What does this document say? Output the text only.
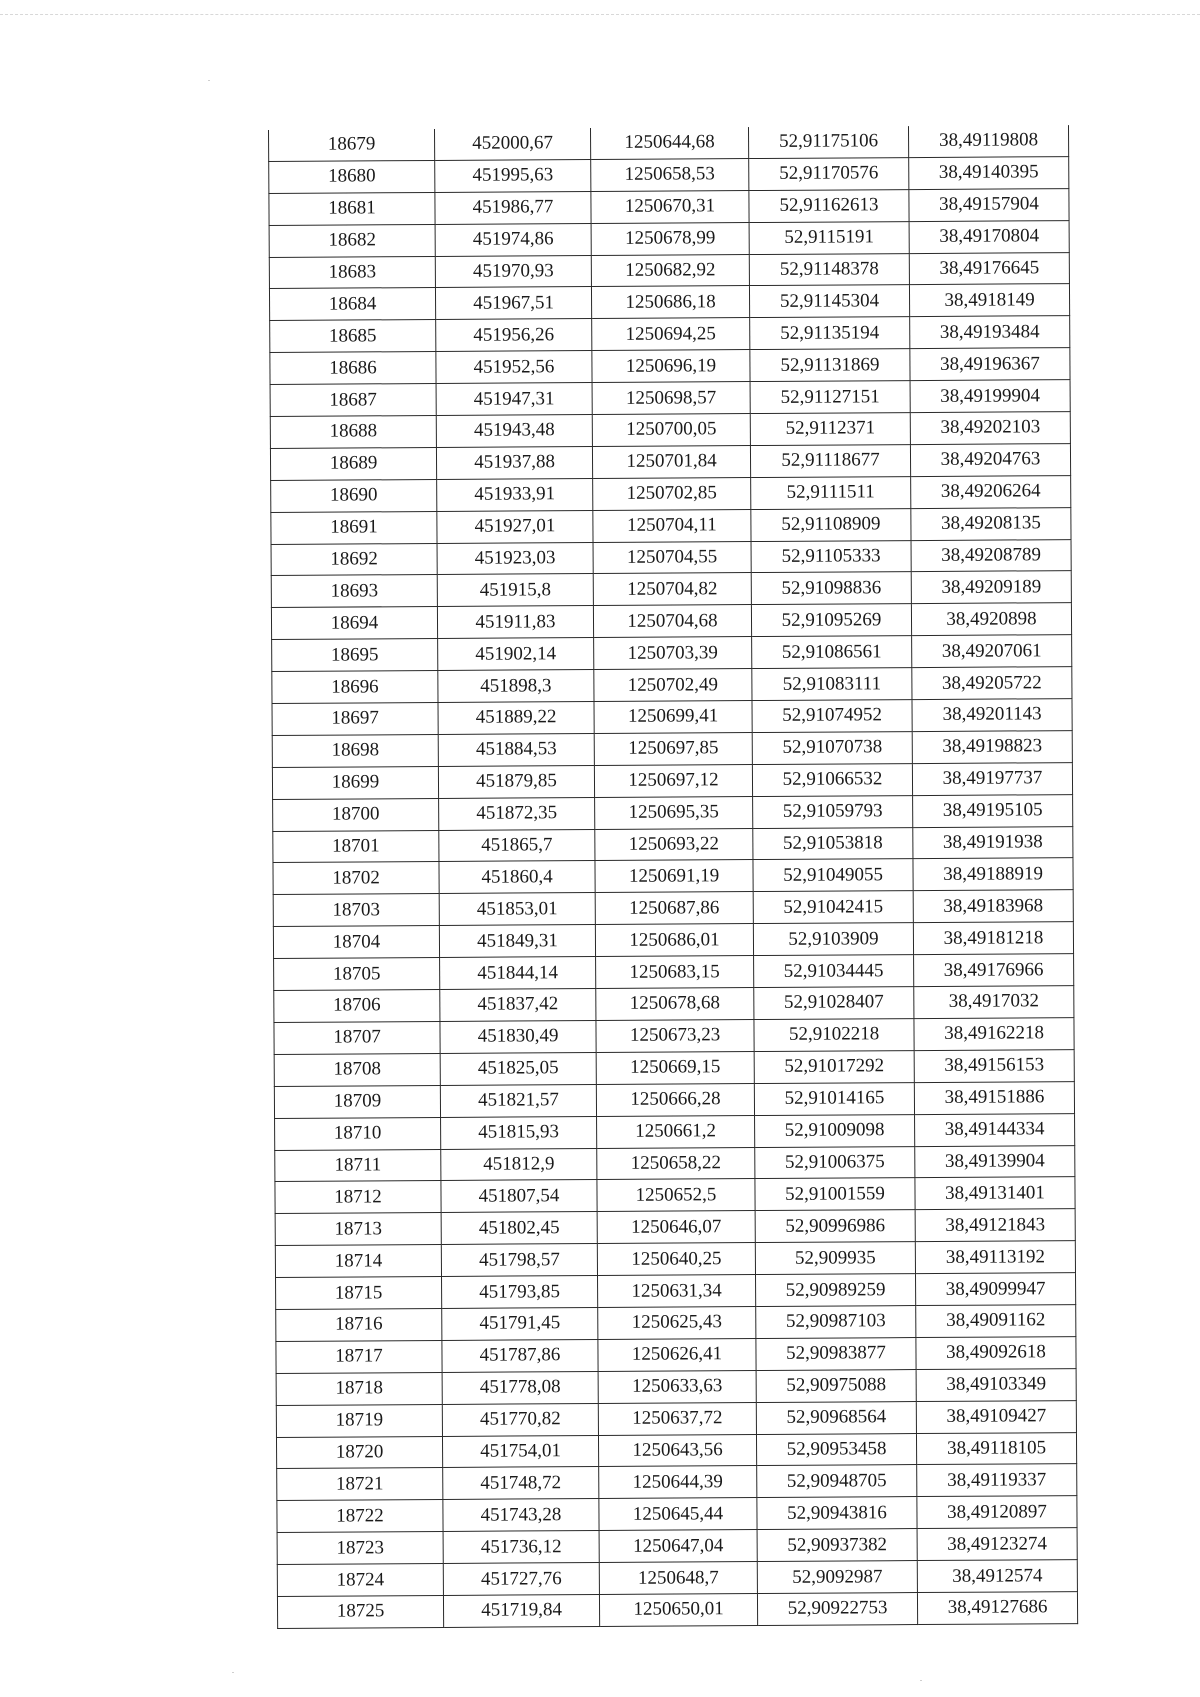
18679	452000,67	1250644,68	52,91175106	38,49119808
18680	451995,63	1250658,53	52,91170576	38,49140395
18681	451986,77	1250670,31	52,91162613	38,49157904
18682	451974,86	1250678,99	52,9115191	38,49170804
18683	451970,93	1250682,92	52,91148378	38,49176645
18684	451967,51	1250686,18	52,91145304	38,4918149
18685	451956,26	1250694,25	52,91135194	38,49193484
18686	451952,56	1250696,19	52,91131869	38,49196367
18687	451947,31	1250698,57	52,91127151	38,49199904
18688	451943,48	1250700,05	52,9112371	38,49202103
18689	451937,88	1250701,84	52,91118677	38,49204763
18690	451933,91	1250702,85	52,9111511	38,49206264
18691	451927,01	1250704,11	52,91108909	38,49208135
18692	451923,03	1250704,55	52,91105333	38,49208789
18693	451915,8	1250704,82	52,91098836	38,49209189
18694	451911,83	1250704,68	52,91095269	38,4920898
18695	451902,14	1250703,39	52,91086561	38,49207061
18696	451898,3	1250702,49	52,91083111	38,49205722
18697	451889,22	1250699,41	52,91074952	38,49201143
18698	451884,53	1250697,85	52,91070738	38,49198823
18699	451879,85	1250697,12	52,91066532	38,49197737
18700	451872,35	1250695,35	52,91059793	38,49195105
18701	451865,7	1250693,22	52,91053818	38,49191938
18702	451860,4	1250691,19	52,91049055	38,49188919
18703	451853,01	1250687,86	52,91042415	38,49183968
18704	451849,31	1250686,01	52,9103909	38,49181218
18705	451844,14	1250683,15	52,91034445	38,49176966
18706	451837,42	1250678,68	52,91028407	38,4917032
18707	451830,49	1250673,23	52,9102218	38,49162218
18708	451825,05	1250669,15	52,91017292	38,49156153
18709	451821,57	1250666,28	52,91014165	38,49151886
18710	451815,93	1250661,2	52,91009098	38,49144334
18711	451812,9	1250658,22	52,91006375	38,49139904
18712	451807,54	1250652,5	52,91001559	38,49131401
18713	451802,45	1250646,07	52,90996986	38,49121843
18714	451798,57	1250640,25	52,909935	38,49113192
18715	451793,85	1250631,34	52,90989259	38,49099947
18716	451791,45	1250625,43	52,90987103	38,49091162
18717	451787,86	1250626,41	52,90983877	38,49092618
18718	451778,08	1250633,63	52,90975088	38,49103349
18719	451770,82	1250637,72	52,90968564	38,49109427
18720	451754,01	1250643,56	52,90953458	38,49118105
18721	451748,72	1250644,39	52,90948705	38,49119337
18722	451743,28	1250645,44	52,90943816	38,49120897
18723	451736,12	1250647,04	52,90937382	38,49123274
18724	451727,76	1250648,7	52,9092987	38,4912574
18725	451719,84	1250650,01	52,90922753	38,49127686
